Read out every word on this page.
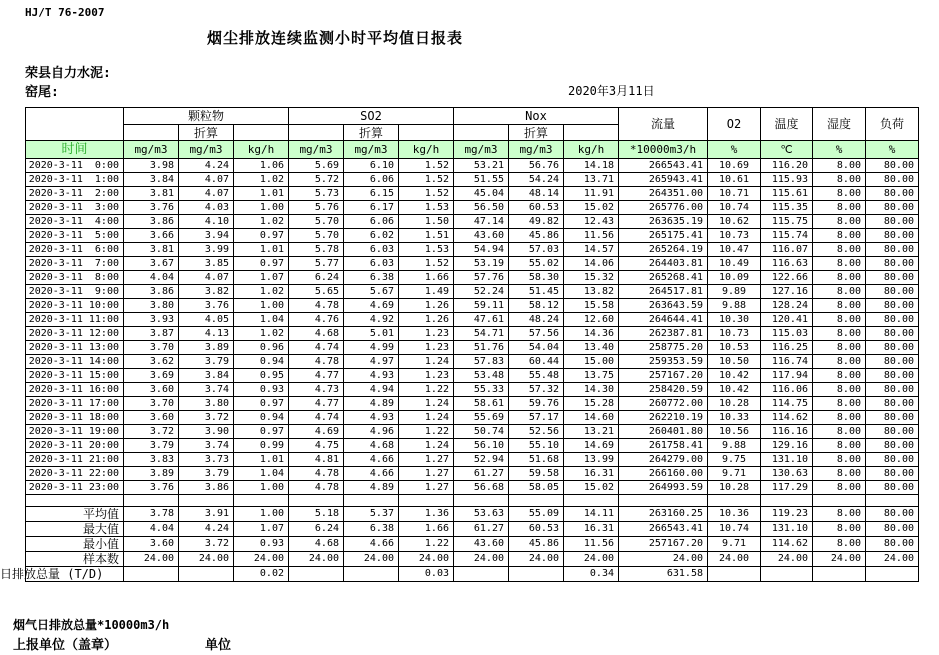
HJ/T 76-2007
烟尘排放连续监测小时平均值日报表
荣县自力水泥:
窑尾:	2020年3月11日
	颗粒物			SO2			Nox			流量	O2	温度	湿度	负荷
		折算			折算			折算						
时间	mg/m3	mg/m3	kg/h	mg/m3	mg/m3	kg/h	mg/m3	mg/m3	kg/h	*10000m3/h	%	℃	%	%
2020-3-11  0:00	3.98	4.24	1.06	5.69	6.10	1.52	53.21	56.76	14.18	266543.41	10.69	116.20	8.00	80.00
2020-3-11  1:00	3.84	4.07	1.02	5.72	6.06	1.52	51.55	54.24	13.71	265943.41	10.61	115.93	8.00	80.00
2020-3-11  2:00	3.81	4.07	1.01	5.73	6.15	1.52	45.04	48.14	11.91	264351.00	10.71	115.61	8.00	80.00
2020-3-11  3:00	3.76	4.03	1.00	5.76	6.17	1.53	56.50	60.53	15.02	265776.00	10.74	115.35	8.00	80.00
2020-3-11  4:00	3.86	4.10	1.02	5.70	6.06	1.50	47.14	49.82	12.43	263635.19	10.62	115.75	8.00	80.00
2020-3-11  5:00	3.66	3.94	0.97	5.70	6.02	1.51	43.60	45.86	11.56	265175.41	10.73	115.74	8.00	80.00
2020-3-11  6:00	3.81	3.99	1.01	5.78	6.03	1.53	54.94	57.03	14.57	265264.19	10.47	116.07	8.00	80.00
2020-3-11  7:00	3.67	3.85	0.97	5.77	6.03	1.52	53.19	55.02	14.06	264403.81	10.49	116.63	8.00	80.00
2020-3-11  8:00	4.04	4.07	1.07	6.24	6.38	1.66	57.76	58.30	15.32	265268.41	10.09	122.66	8.00	80.00
2020-3-11  9:00	3.86	3.82	1.02	5.65	5.67	1.49	52.24	51.45	13.82	264517.81	9.89	127.16	8.00	80.00
2020-3-11 10:00	3.80	3.76	1.00	4.78	4.69	1.26	59.11	58.12	15.58	263643.59	9.88	128.24	8.00	80.00
2020-3-11 11:00	3.93	4.05	1.04	4.76	4.92	1.26	47.61	48.24	12.60	264644.41	10.30	120.41	8.00	80.00
2020-3-11 12:00	3.87	4.13	1.02	4.68	5.01	1.23	54.71	57.56	14.36	262387.81	10.73	115.03	8.00	80.00
2020-3-11 13:00	3.70	3.89	0.96	4.74	4.99	1.23	51.76	54.04	13.40	258775.20	10.53	116.25	8.00	80.00
2020-3-11 14:00	3.62	3.79	0.94	4.78	4.97	1.24	57.83	60.44	15.00	259353.59	10.50	116.74	8.00	80.00
2020-3-11 15:00	3.69	3.84	0.95	4.77	4.93	1.23	53.48	55.48	13.75	257167.20	10.42	117.94	8.00	80.00
2020-3-11 16:00	3.60	3.74	0.93	4.73	4.94	1.22	55.33	57.32	14.30	258420.59	10.42	116.06	8.00	80.00
2020-3-11 17:00	3.70	3.80	0.97	4.77	4.89	1.24	58.61	59.76	15.28	260772.00	10.28	114.75	8.00	80.00
2020-3-11 18:00	3.60	3.72	0.94	4.74	4.93	1.24	55.69	57.17	14.60	262210.19	10.33	114.62	8.00	80.00
2020-3-11 19:00	3.72	3.90	0.97	4.69	4.96	1.22	50.74	52.56	13.21	260401.80	10.56	116.16	8.00	80.00
2020-3-11 20:00	3.79	3.74	0.99	4.75	4.68	1.24	56.10	55.10	14.69	261758.41	9.88	129.16	8.00	80.00
2020-3-11 21:00	3.83	3.73	1.01	4.81	4.66	1.27	52.94	51.68	13.99	264279.00	9.75	131.10	8.00	80.00
2020-3-11 22:00	3.89	3.79	1.04	4.78	4.66	1.27	61.27	59.58	16.31	266160.00	9.71	130.63	8.00	80.00
2020-3-11 23:00	3.76	3.86	1.00	4.78	4.89	1.27	56.68	58.05	15.02	264993.59	10.28	117.29	8.00	80.00

平均值	3.78	3.91	1.00	5.18	5.37	1.36	53.63	55.09	14.11	263160.25	10.36	119.23	8.00	80.00
最大值	4.04	4.24	1.07	6.24	6.38	1.66	61.27	60.53	16.31	266543.41	10.74	131.10	8.00	80.00
最小值	3.60	3.72	0.93	4.68	4.66	1.22	43.60	45.86	11.56	257167.20	9.71	114.62	8.00	80.00
样本数	24.00	24.00	24.00	24.00	24.00	24.00	24.00	24.00	24.00	24.00	24.00	24.00	24.00	24.00
日排放总量 (T/D)			0.02			0.03			0.34	631.58				
烟气日排放总量*10000m3/h
上报单位（盖章）	单位
